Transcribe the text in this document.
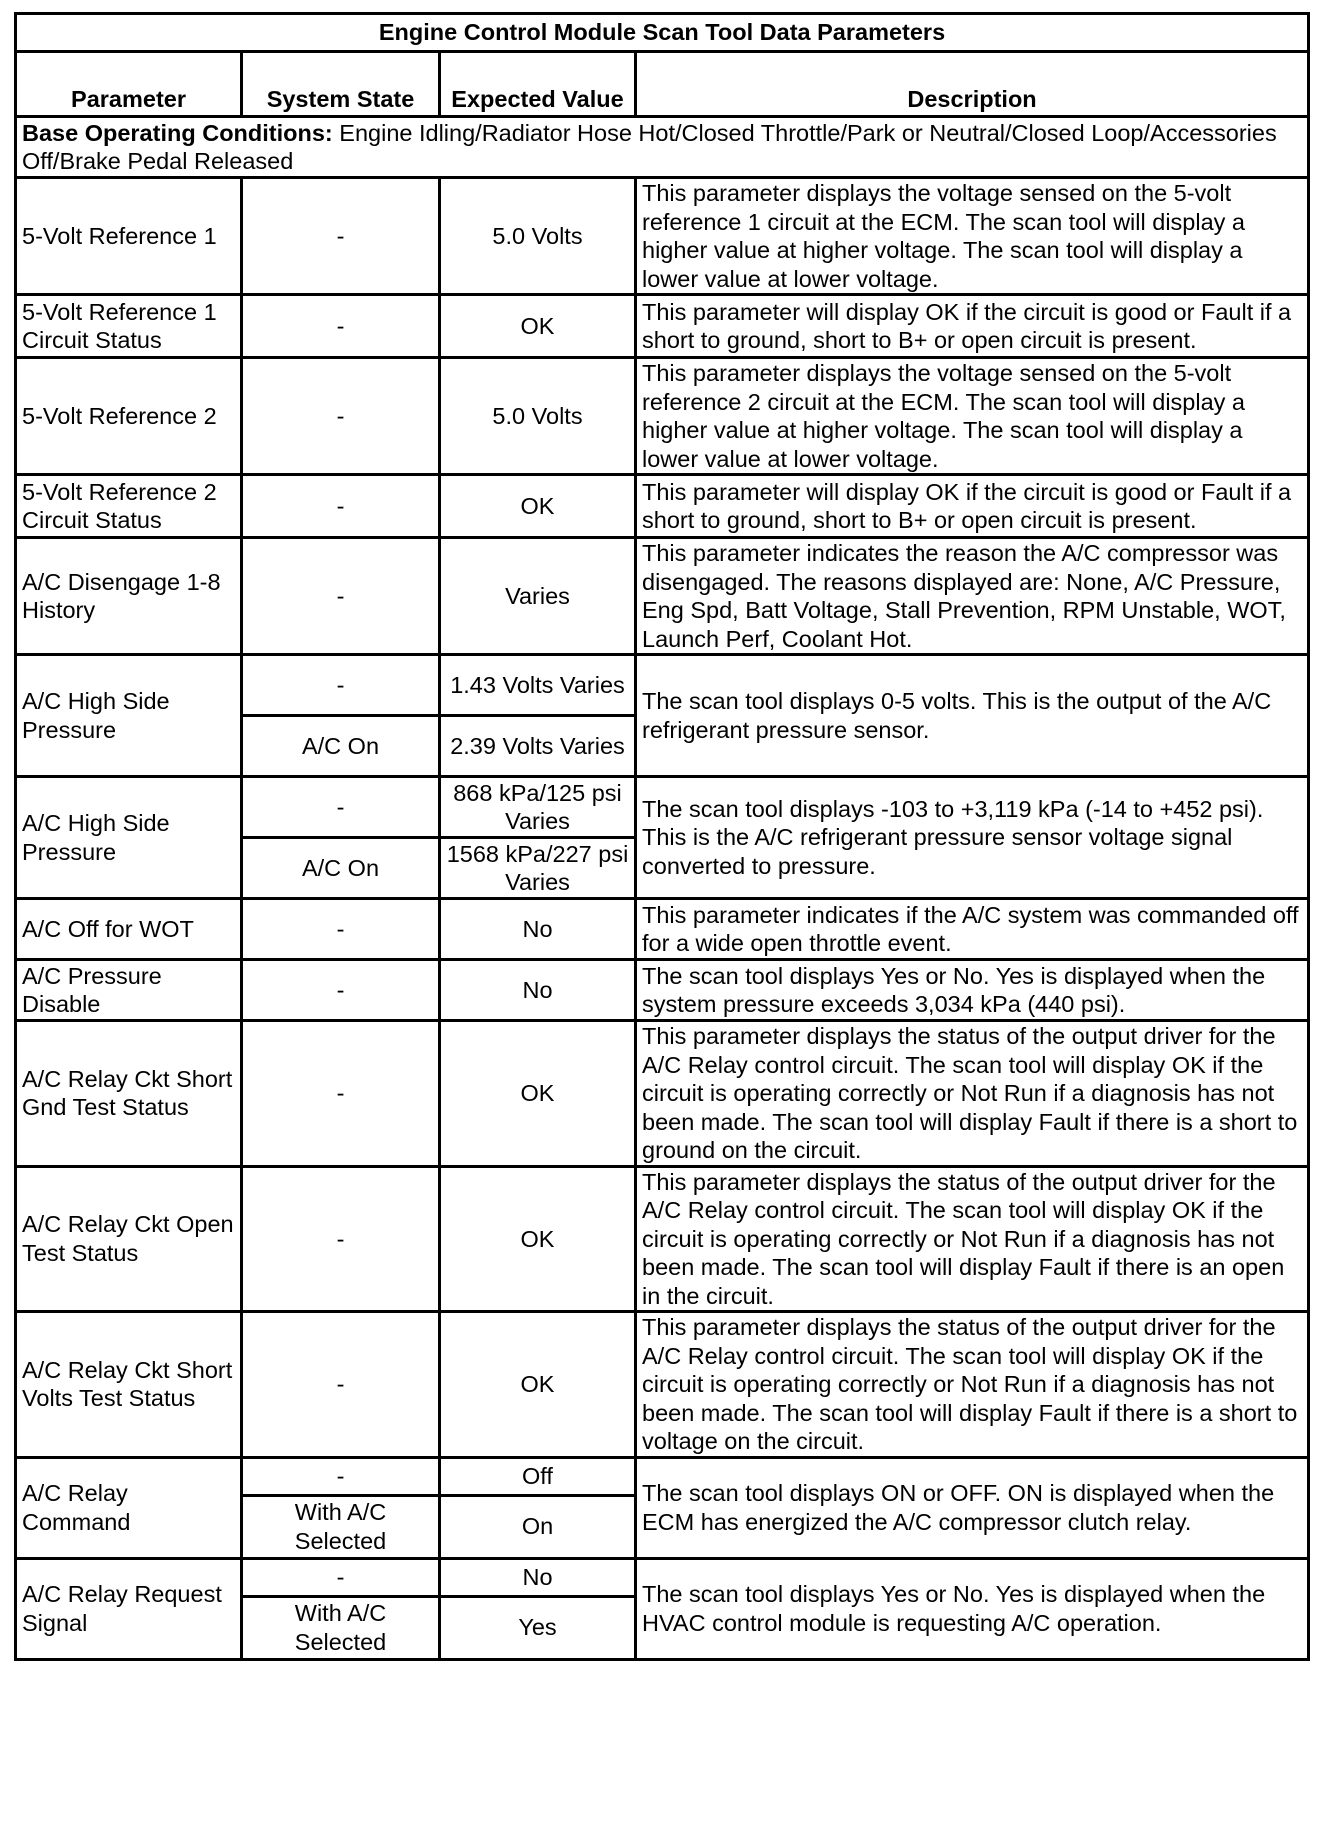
Engine Control Module Scan Tool Data Parameters			
Parameter	System State	Expected Value	Description
Base Operating Conditions: Engine Idling/Radiator Hose Hot/Closed Throttle/Park or Neutral/Closed Loop/Accessories Off/Brake Pedal Released			
5-Volt Reference 1	-	5.0 Volts	This parameter displays the voltage sensed on the 5-volt reference 1 circuit at the ECM. The scan tool will display a higher value at higher voltage. The scan tool will display a lower value at lower voltage.
5-Volt Reference 1 Circuit Status	-	OK	This parameter will display OK if the circuit is good or Fault if a short to ground, short to B+ or open circuit is present.
5-Volt Reference 2	-	5.0 Volts	This parameter displays the voltage sensed on the 5-volt reference 2 circuit at the ECM. The scan tool will display a higher value at higher voltage. The scan tool will display a lower value at lower voltage.
5-Volt Reference 2 Circuit Status	-	OK	This parameter will display OK if the circuit is good or Fault if a short to ground, short to B+ or open circuit is present.
A/C Disengage 1-8 History	-	Varies	This parameter indicates the reason the A/C compressor was disengaged. The reasons displayed are: None, A/C Pressure, Eng Spd, Batt Voltage, Stall Prevention, RPM Unstable, WOT, Launch Perf, Coolant Hot.
A/C High Side Pressure	-	1.43 Volts Varies	The scan tool displays 0-5 volts. This is the output of the A/C refrigerant pressure sensor.
	A/C On	2.39 Volts Varies	
A/C High Side Pressure	-	868 kPa/125 psi Varies	The scan tool displays -103 to +3,119 kPa (-14 to +452 psi). This is the A/C refrigerant pressure sensor voltage signal converted to pressure.
	A/C On	1568 kPa/227 psi Varies	
A/C Off for WOT	-	No	This parameter indicates if the A/C system was commanded off for a wide open throttle event.
A/C Pressure Disable	-	No	The scan tool displays Yes or No. Yes is displayed when the system pressure exceeds 3,034 kPa (440 psi).
A/C Relay Ckt Short Gnd Test Status	-	OK	This parameter displays the status of the output driver for the A/C Relay control circuit. The scan tool will display OK if the circuit is operating correctly or Not Run if a diagnosis has not been made. The scan tool will display Fault if there is a short to ground on the circuit.
A/C Relay Ckt Open Test Status	-	OK	This parameter displays the status of the output driver for the A/C Relay control circuit. The scan tool will display OK if the circuit is operating correctly or Not Run if a diagnosis has not been made. The scan tool will display Fault if there is an open in the circuit.
A/C Relay Ckt Short Volts Test Status	-	OK	This parameter displays the status of the output driver for the A/C Relay control circuit. The scan tool will display OK if the circuit is operating correctly or Not Run if a diagnosis has not been made. The scan tool will display Fault if there is a short to voltage on the circuit.
A/C Relay Command	-	Off	The scan tool displays ON or OFF. ON is displayed when the ECM has energized the A/C compressor clutch relay.
	With A/C Selected	On	
A/C Relay Request Signal	-	No	The scan tool displays Yes or No. Yes is displayed when the HVAC control module is requesting A/C operation.
	With A/C Selected	Yes	
